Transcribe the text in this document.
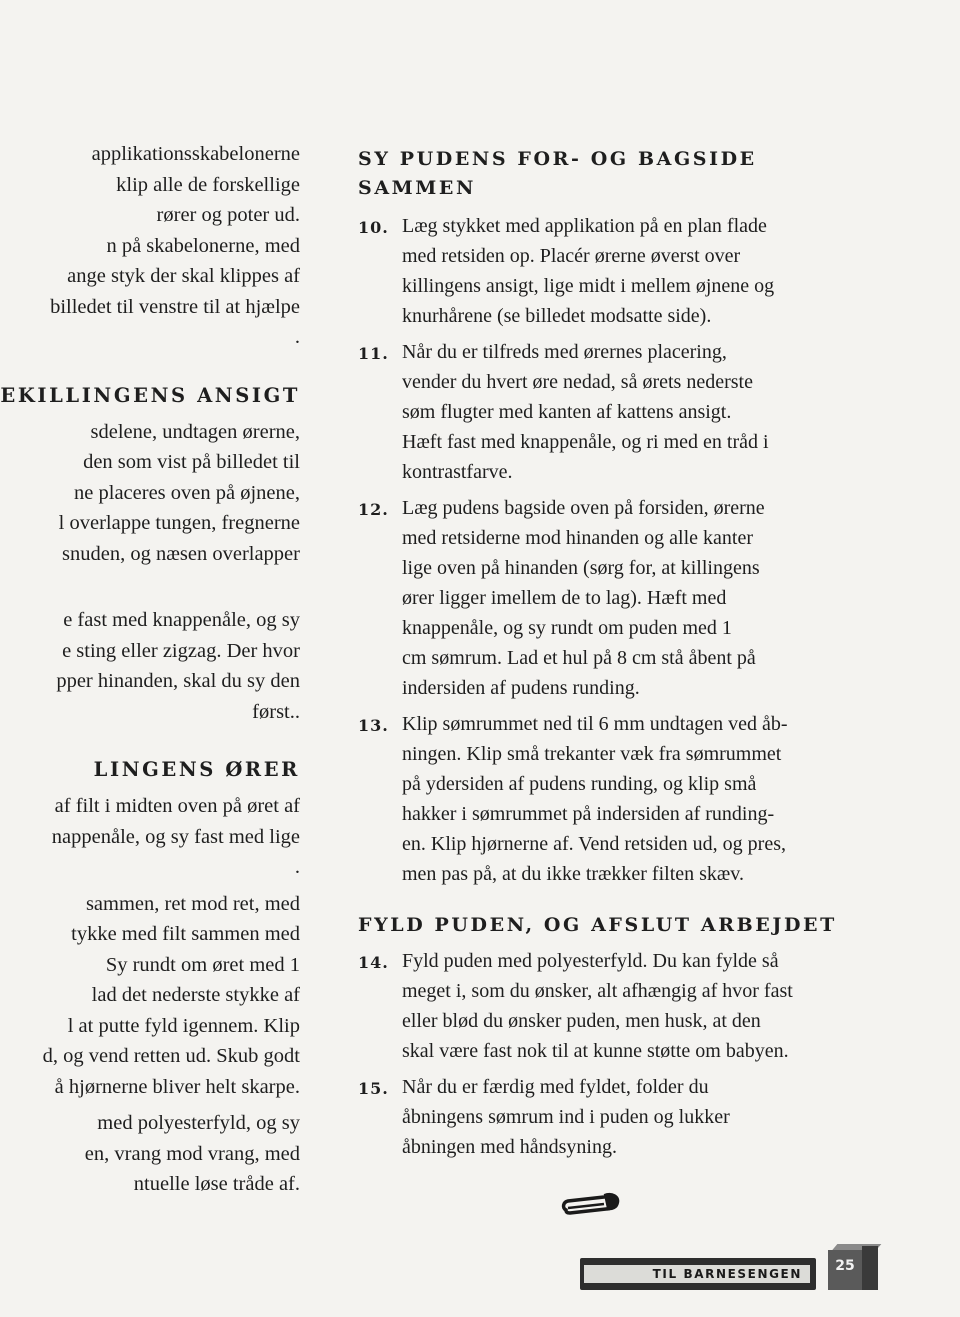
applikationsskabelonerne
klip alle de forskellige
rører og poter ud.
n på skabelonerne, med
ange styk der skal klippes af
billedet til venstre til at hjælpe
.
EKILLINGENS ANSIGT
sdelene, undtagen ørerne,
den som vist på billedet til
ne placeres oven på øjnene,
l overlappe tungen, fregnerne
snuden, og næsen overlapper
e fast med knappenåle, og sy
e sting eller zigzag. Der hvor
pper hinanden, skal du sy den
først..
LINGENS ØRER
af filt i midten oven på øret af
nappenåle, og sy fast med lige
.
sammen, ret mod ret, med
tykke med filt sammen med
Sy rundt om øret med 1
lad det nederste stykke af
l at putte fyld igennem. Klip
d, og vend retten ud. Skub godt
å hjørnerne bliver helt skarpe.
med polyesterfyld, og sy
en, vrang mod vrang, med
ntuelle løse tråde af.
SY PUDENS FOR- OG BAGSIDE
SAMMEN
10. Læg stykket med applikation på en plan flade
med retsiden op. Placér ørerne øverst over
killingens ansigt, lige midt i mellem øjnene og
knurhårene (se billedet modsatte side).
11. Når du er tilfreds med ørernes placering,
vender du hvert øre nedad, så ørets nederste
søm flugter med kanten af kattens ansigt.
Hæft fast med knappenåle, og ri med en tråd i
kontrastfarve.
12. Læg pudens bagside oven på forsiden, ørerne
med retsiderne mod hinanden og alle kanter
lige oven på hinanden (sørg for, at killingens
ører ligger imellem de to lag). Hæft med
knappenåle, og sy rundt om puden med 1
cm sømrum. Lad et hul på 8 cm stå åbent på
indersiden af pudens runding.
13. Klip sømrummet ned til 6 mm undtagen ved åb-
ningen. Klip små trekanter væk fra sømrummet
på ydersiden af pudens runding, og klip små
hakker i sømrummet på indersiden af runding-
en. Klip hjørnerne af. Vend retsiden ud, og pres,
men pas på, at du ikke trækker filten skæv.
FYLD PUDEN, OG AFSLUT ARBEJDET
14. Fyld puden med polyesterfyld. Du kan fylde så
meget i, som du ønsker, alt afhængig af hvor fast
eller blød du ønsker puden, men husk, at den
skal være fast nok til at kunne støtte om babyen.
15. Når du er færdig med fyldet, folder du
åbningens sømrum ind i puden og lukker
åbningen med håndsyning.
TIL BARNESENGEN	25
